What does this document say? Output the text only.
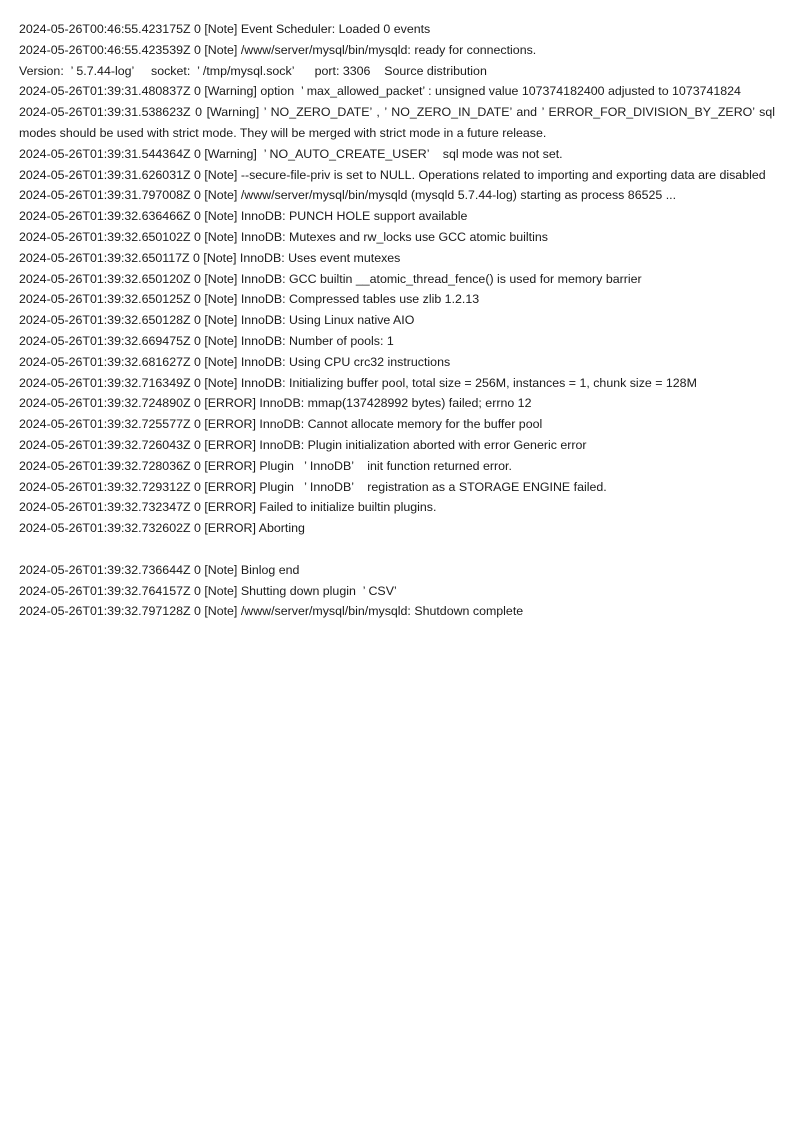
2024-05-26T00:46:55.423175Z 0 [Note] Event Scheduler: Loaded 0 events
2024-05-26T00:46:55.423539Z 0 [Note] /www/server/mysql/bin/mysqld: ready for connections.
Version:  ’ 5.7.44-log’     socket:  ’ /tmp/mysql.sock’      port: 3306    Source distribution
2024-05-26T01:39:31.480837Z 0 [Warning] option  ’ max_allowed_packet’ : unsigned value 107374182400 adjusted to 1073741824
2024-05-26T01:39:31.538623Z 0 [Warning] ’ NO_ZERO_DATE’ , ’ NO_ZERO_IN_DATE’ and ’ ERROR_FOR_DIVISION_BY_ZERO’ sql modes should be used with strict mode. They will be merged with strict mode in a future release.
2024-05-26T01:39:31.544364Z 0 [Warning]  ’ NO_AUTO_CREATE_USER’    sql mode was not set.
2024-05-26T01:39:31.626031Z 0 [Note] --secure-file-priv is set to NULL. Operations related to importing and exporting data are disabled
2024-05-26T01:39:31.797008Z 0 [Note] /www/server/mysql/bin/mysqld (mysqld 5.7.44-log) starting as process 86525 ...
2024-05-26T01:39:32.636466Z 0 [Note] InnoDB: PUNCH HOLE support available
2024-05-26T01:39:32.650102Z 0 [Note] InnoDB: Mutexes and rw_locks use GCC atomic builtins
2024-05-26T01:39:32.650117Z 0 [Note] InnoDB: Uses event mutexes
2024-05-26T01:39:32.650120Z 0 [Note] InnoDB: GCC builtin __atomic_thread_fence() is used for memory barrier
2024-05-26T01:39:32.650125Z 0 [Note] InnoDB: Compressed tables use zlib 1.2.13
2024-05-26T01:39:32.650128Z 0 [Note] InnoDB: Using Linux native AIO
2024-05-26T01:39:32.669475Z 0 [Note] InnoDB: Number of pools: 1
2024-05-26T01:39:32.681627Z 0 [Note] InnoDB: Using CPU crc32 instructions
2024-05-26T01:39:32.716349Z 0 [Note] InnoDB: Initializing buffer pool, total size = 256M, instances = 1, chunk size = 128M
2024-05-26T01:39:32.724890Z 0 [ERROR] InnoDB: mmap(137428992 bytes) failed; errno 12
2024-05-26T01:39:32.725577Z 0 [ERROR] InnoDB: Cannot allocate memory for the buffer pool
2024-05-26T01:39:32.726043Z 0 [ERROR] InnoDB: Plugin initialization aborted with error Generic error
2024-05-26T01:39:32.728036Z 0 [ERROR] Plugin   ’ InnoDB’    init function returned error.
2024-05-26T01:39:32.729312Z 0 [ERROR] Plugin   ’ InnoDB’    registration as a STORAGE ENGINE failed.
2024-05-26T01:39:32.732347Z 0 [ERROR] Failed to initialize builtin plugins.
2024-05-26T01:39:32.732602Z 0 [ERROR] Aborting
2024-05-26T01:39:32.736644Z 0 [Note] Binlog end
2024-05-26T01:39:32.764157Z 0 [Note] Shutting down plugin  ’ CSV’
2024-05-26T01:39:32.797128Z 0 [Note] /www/server/mysql/bin/mysqld: Shutdown complete
